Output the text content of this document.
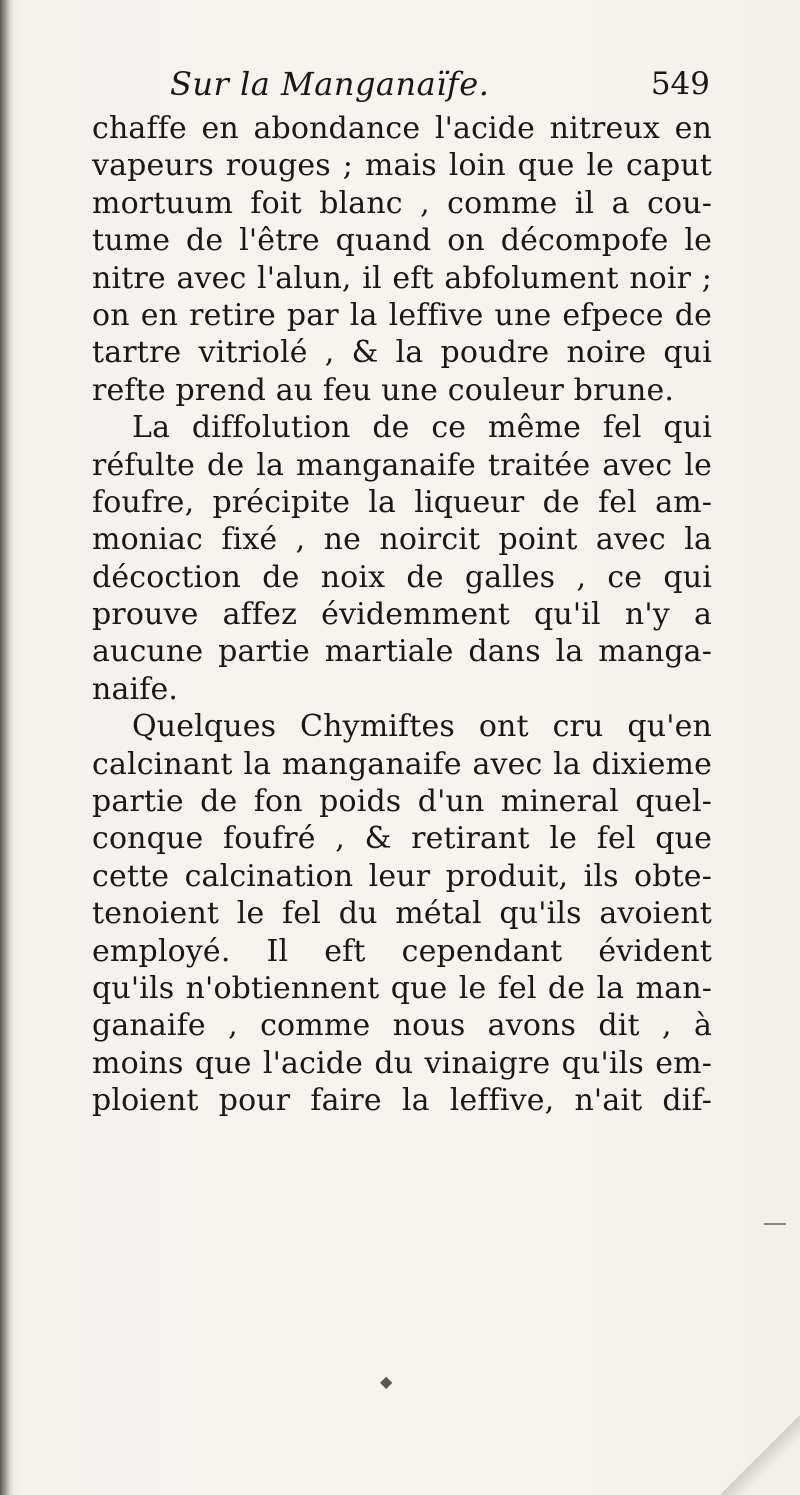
Sur la Manganaïfe.	549
chaffe en abondance l'acide nitreux en
vapeurs rouges ; mais loin que le caput
mortuum foit blanc , comme il a cou-
tume de l'être quand on décompofe le
nitre avec l'alun, il eft abfolument noir ;
on en retire par la leffive une efpece de
tartre vitriolé , & la poudre noire qui
refte prend au feu une couleur brune.
La diffolution de ce même fel qui
réfulte de la manganaife traitée avec le
foufre, précipite la liqueur de fel am-
moniac fixé , ne noircit point avec la
décoction de noix de galles , ce qui
prouve affez évidemment qu'il n'y a
aucune partie martiale dans la manga-
naife.
Quelques Chymiftes ont cru qu'en
calcinant la manganaife avec la dixieme
partie de fon poids d'un mineral quel-
conque foufré , & retirant le fel que
cette calcination leur produit, ils obte-
tenoient le fel du métal qu'ils avoient
employé. Il eft cependant évident
qu'ils n'obtiennent que le fel de la man-
ganaife , comme nous avons dit , à
moins que l'acide du vinaigre qu'ils em-
ploient pour faire la leffive, n'ait dif-
◆
